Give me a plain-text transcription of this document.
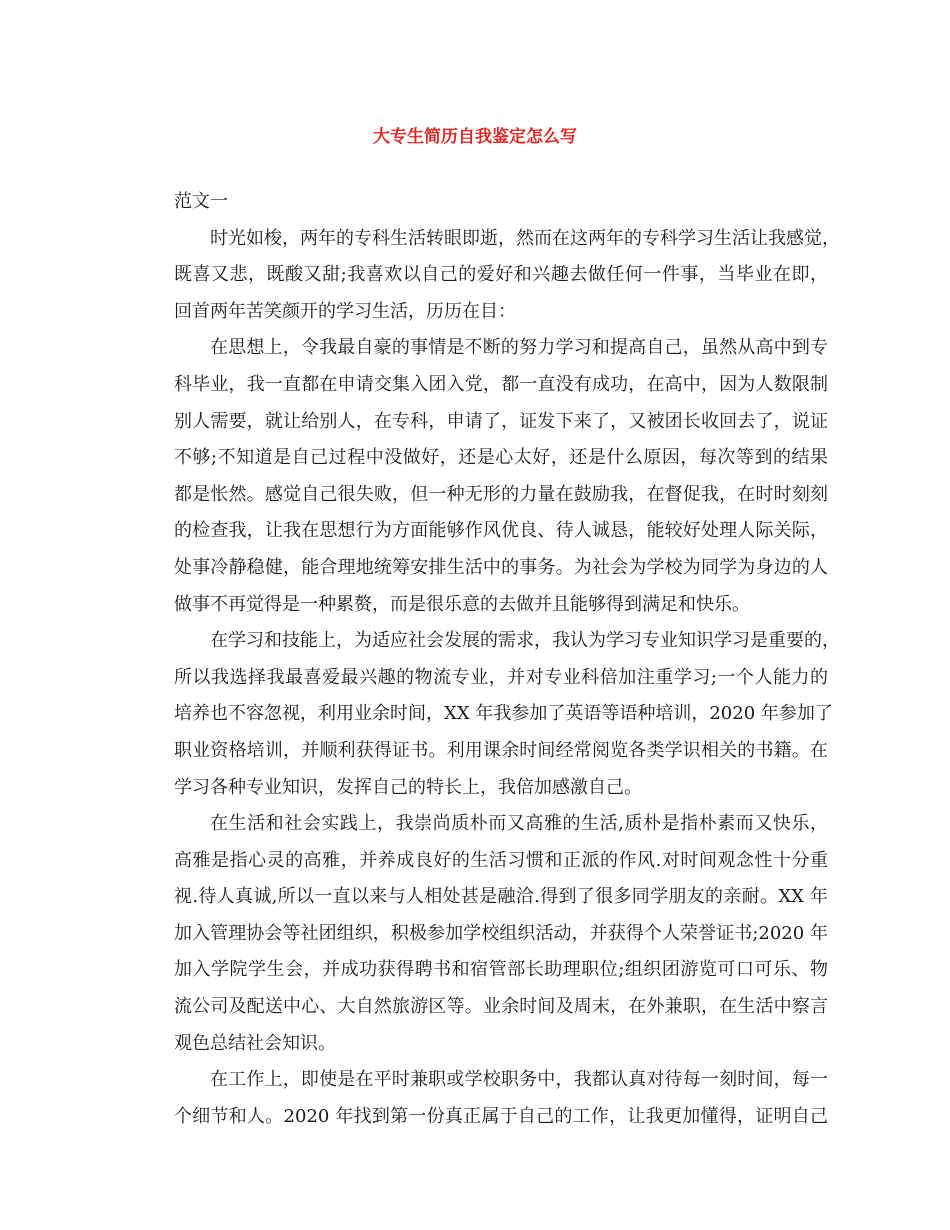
大专生简历自我鉴定怎么写
范文一
时光如梭，两年的专科生活转眼即逝，然而在这两年的专科学习生活让我感觉，
既喜又悲，既酸又甜;我喜欢以自己的爱好和兴趣去做任何一件事，当毕业在即，
回首两年苦笑颜开的学习生活，历历在目：
在思想上，令我最自豪的事情是不断的努力学习和提高自己，虽然从高中到专
科毕业，我一直都在申请交集入团入党，都一直没有成功，在高中，因为人数限制
别人需要，就让给别人，在专科，申请了，证发下来了，又被团长收回去了，说证
不够;不知道是自己过程中没做好，还是心太好，还是什么原因，每次等到的结果
都是怅然。感觉自己很失败，但一种无形的力量在鼓励我，在督促我，在时时刻刻
的检查我，让我在思想行为方面能够作风优良、待人诚恳，能较好处理人际关际，
处事冷静稳健，能合理地统筹安排生活中的事务。为社会为学校为同学为身边的人
做事不再觉得是一种累赘，而是很乐意的去做并且能够得到满足和快乐。
在学习和技能上，为适应社会发展的需求，我认为学习专业知识学习是重要的，
所以我选择我最喜爱最兴趣的物流专业，并对专业科倍加注重学习;一个人能力的
培养也不容忽视，利用业余时间，XX 年我参加了英语等语种培训，2020 年参加了
职业资格培训，并顺利获得证书。利用课余时间经常阅览各类学识相关的书籍。在
学习各种专业知识，发挥自己的特长上，我倍加感激自己。
在生活和社会实践上，我崇尚质朴而又高雅的生活,质朴是指朴素而又快乐，
高雅是指心灵的高雅，并养成良好的生活习惯和正派的作风.对时间观念性十分重
视.待人真诚,所以一直以来与人相处甚是融洽.得到了很多同学朋友的亲耐。XX 年
加入管理协会等社团组织，积极参加学校组织活动，并获得个人荣誉证书;2020 年
加入学院学生会，并成功获得聘书和宿管部长助理职位;组织团游览可口可乐、物
流公司及配送中心、大自然旅游区等。业余时间及周末，在外兼职，在生活中察言
观色总结社会知识。
在工作上，即使是在平时兼职或学校职务中，我都认真对待每一刻时间，每一
个细节和人。2020 年找到第一份真正属于自己的工作，让我更加懂得，证明自己
